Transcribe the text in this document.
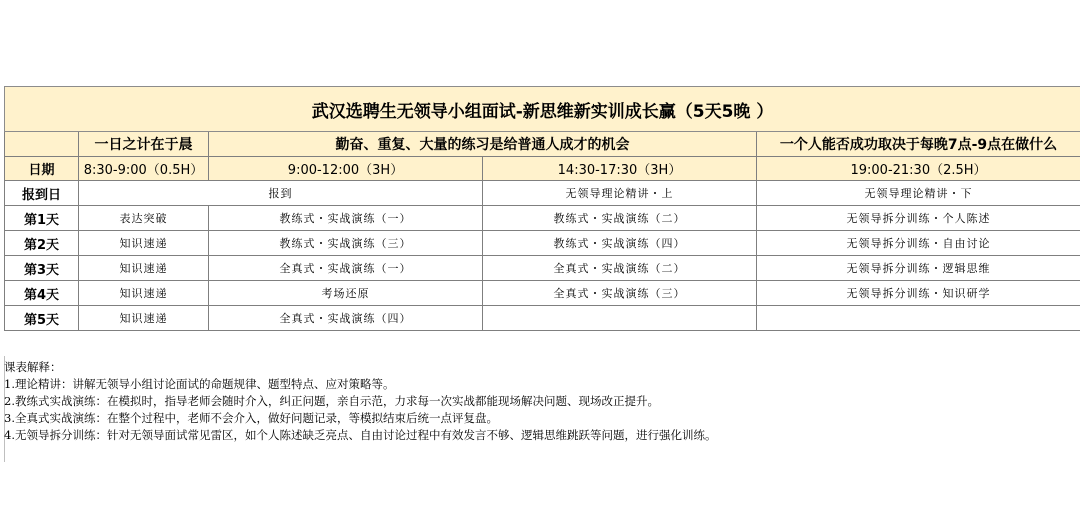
武汉选聘生无领导小组面试-新思维新实训成长赢（5天5晚 ）				
	一日之计在于晨	勤奋、重复、大量的练习是给普通人成才的机会		一个人能否成功取决于每晚7点-9点在做什么
日期	8:30-9:00（0.5H）	9:00-12:00（3H）	14:30-17:30（3H）	19:00-21:30（2.5H）
报到日	报到		无领导理论精讲・上	无领导理论精讲・下
第1天	表达突破	教练式・实战演练（一）	教练式・实战演练（二）	无领导拆分训练・个人陈述
第2天	知识速递	教练式・实战演练（三）	教练式・实战演练（四）	无领导拆分训练・自由讨论
第3天	知识速递	全真式・实战演练（一）	全真式・实战演练（二）	无领导拆分训练・逻辑思维
第4天	知识速递	考场还原	全真式・实战演练（三）	无领导拆分训练・知识研学
第5天	知识速递	全真式・实战演练（四）		
课表解释：
1.理论精讲：讲解无领导小组讨论面试的命题规律、题型特点、应对策略等。
2.教练式实战演练：在模拟时，指导老师会随时介入，纠正问题，亲自示范，力求每一次实战都能现场解决问题、现场改正提升。
3.全真式实战演练：在整个过程中，老师不会介入，做好问题记录，等模拟结束后统一点评复盘。
4.无领导拆分训练：针对无领导面试常见雷区，如个人陈述缺乏亮点、自由讨论过程中有效发言不够、逻辑思维跳跃等问题，进行强化训练。
